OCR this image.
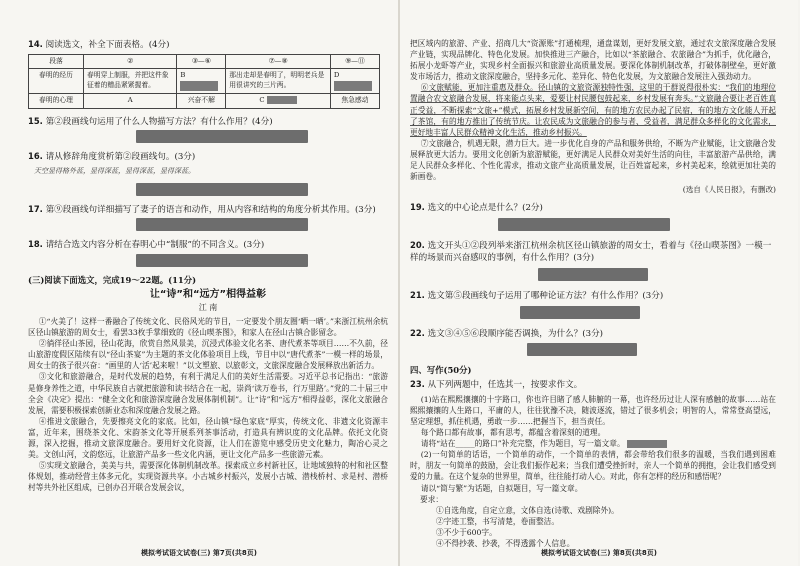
14. 阅读选文，补全下面表格。(4分)

段落	②	③—⑥	⑦—⑧	⑨—⑪
春明的经历	春明穿上制服，并把这件象征着的赠品紧紧握着。	B	那出走却是春明了，明明老兵是用很讲究的三片两。	D
春明的心理	A	兴奋不解	C	焦急感动

15. 第②段画线句运用了什么人物描写方法？有什么作用？(4分)

16. 请从修辞角度赏析第②段画线句。(3分)

天空显得格外蓝，显得深蓝，显得深蓝，显得深蓝。

17. 第⑨段画线句详细描写了妻子的语言和动作，用从内容和结构的角度分析其作用。(3分)

18. 请结合选文内容分析在春明心中“制服”的不同含义。(3分)

(三)阅读下面选文，完成19～22题。(11分)

让“诗”和“远方”相得益彰

江 南

①“火美了！这样一番融合了传统文化、民俗风光的节目，一定要发个朋友圈‘晒一晒’。”来浙江杭州余杭区径山镇旅游的周女士，看罢33枚手掌细致的《径山喫茶图》，和家人在径山古镇合影留念。

②徜徉径山茶园，径山花海，欣赏自然风景美，沉浸式体验文化名茶、唐代煮茶等项目……不久前，径山旅游度假区陆续有以“径山茶宴”为主题的茶文化体验项目上线，节目中以“唐代煮茶”一模一样的场景，周女士的孩子很兴奋：“画里的人‘活’起来啦！”以文塑旅、以旅彰文，文旅深度融合发展释放出新活力。

③文化和旅游融合，是时代发展的趋势，有利于满足人们的美好生活需要。习近平总书记指出：“旅游是修身养性之道，中华民族自古就把旅游和读书结合在一起，崇尚‘读万卷书，行万里路’。”党的二十届三中全会《决定》提出：“健全文化和旅游深度融合发展体制机制”。让“诗”和“远方”相得益彰，深化文旅融合发展，需要积极探索创新业态和深度融合发展之路。

④推进文旅融合，先要擦亮文化的家底。比如，径山镇“绿色家底”厚实，传统文化、非遗文化资源丰富，近年来，围绕茶文化、宋韵茶文化等开展系列茶事活动，打造具有辨识度的文化品牌。依托文化资源，深入挖掘，推动文旅深度融合。要用好文化资源，让人们在游览中感受历史文化魅力，陶冶心灵之美。文创山河，文韵悠远，让旅游产品多一些文化内涵，更让文化产品多一些旅游元素。

⑤实现文旅融合，美美与共，需要深化体制机制改革。探索成立乡村新社区，让地域独特的村和社区整体规划，推动经营主体多元化，实现资源共享。小古城乡村振兴，发展小古城、潜栈桥村、求是村、潜桥村等共外社区组成，已创办召开联合发展会议，

模拟考试语文试卷(三) 第7页(共8页)

把区域内的旅游、产业、招商几大“资源账”打通梳理，通盘谋划，更好发展文旅，通过农文旅深度融合发展产业链，实现品牌化、特色化发展。加快推进三产融合，比如以“茶旅融合、农旅融合”为抓手，优化融合，拓展小龙虾等产业，实现乡村全面振兴和旅游业高质量发展。要深化体制机制改革，打破体制壁垒，更好激发市场活力，推动文旅深度融合，坚持多元化、差异化、特色化发展，为文旅融合发展注入强劲动力。

⑥文旅赋能，更加注重惠及群众。径山镇的文旅资源独特性强，这里的干群说得很朴实：“我们的地理位置融合农文旅融合发展，将来能点头来，爱要让村民腰包鼓起来，乡村发展有奔头。”文旅融合要让老百姓真正受益，不断探索“文旅+”模式，拓展乡村发展新空间，有的地方农民办起了民宿，有的地方文化能人开起了茶馆，有的地方推出了传统节庆。让农民成为文旅融合的参与者、受益者，满足群众多样化的文化需求，更好地丰富人民群众精神文化生活，推动乡村振兴。

⑦文旅融合，机遇无限，潜力巨大。进一步优化自身的产品和服务供给，不断为产业赋能，让文旅融合发展释放更大活力。要用文化创新为旅游赋能，更好满足人民群众对美好生活的向往，丰富旅游产品供给，满足人民群众多样化、个性化需求，推动文旅产业高质量发展，让百姓富起来，乡村美起来，绘就更加壮美的新画卷。

(选自《人民日报》，有删改)

19. 选文的中心论点是什么？(2分)

20. 选文开头①②段列举来浙江杭州余杭区径山镇旅游的周女士，看着与《径山喫茶图》一模一样的场景而兴奋感叹的事例，有什么作用？(3分)

21. 选文第⑤段画线句子运用了哪种论证方法？有什么作用？(3分)

22. 选文③④⑤⑥段顺序能否调换，为什么？(3分)

四、写作(50分)

23. 从下列两题中，任选其一，按要求作文。

(1)站在熙熙攘攘的十字路口，你也许目睹了感人肺腑的一幕，也许经历过让人深有感触的故事……站在熙熙攘攘的人生路口，平庸的人，往往犹豫不决，随波逐流，错过了很多机会；明智的人，常常登高望远，坚定理想，抓住机遇，勇敢一步……把握当下，担当责任。

每个路口都有故事，都有思考，都蕴含着深刻的道理。

请将“站在_____的路口”补充完整，作为题目，写一篇文章。

(2)一句简单的话语，一个简单的动作，一个简单的表情，都会带给我们很多的温暖，当我们遇到困难时，朋友一句简单的鼓励，会让我们振作起来；当我们遭受挫折时，亲人一个简单的拥抱，会让我们感受到爱的力量。在这个复杂的世界里，简单，往往能打动人心。对此，你有怎样的经历和感悟呢？

请以“简与繁”为话题，自拟题目，写一篇文章。

要求：

①自选角度，自定立意，文体自选(诗歌、戏剧除外)。

②字迹工整，书写清楚，卷面整洁。

③不少于600字。

④不得抄袭、抄袭，不得透露个人信息。

模拟考试语文试卷(三) 第8页(共8页)
